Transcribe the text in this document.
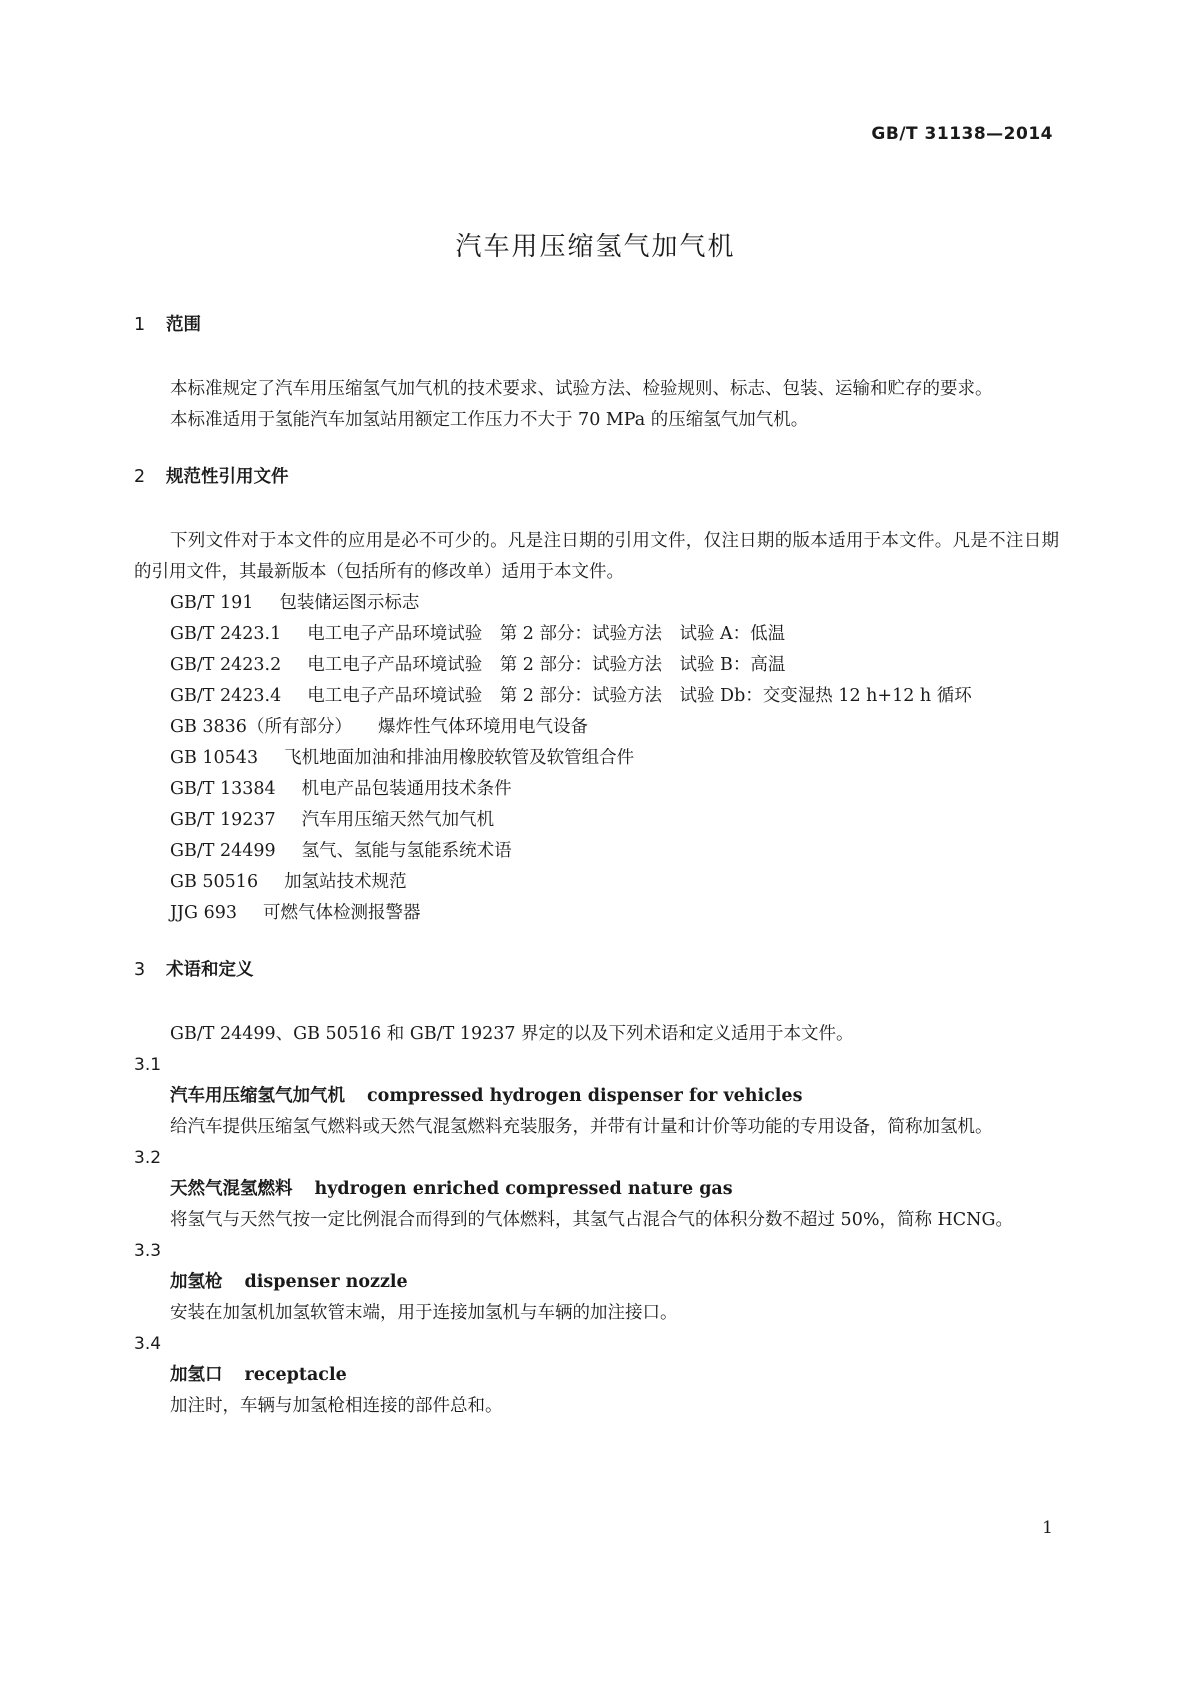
GB/T 31138—2014
汽车用压缩氢气加气机

1 范围

本标准规定了汽车用压缩氢气加气机的技术要求、试验方法、检验规则、标志、包装、运输和贮存的要求。

本标准适用于氢能汽车加氢站用额定工作压力不大于 70 MPa 的压缩氢气加气机。

2 规范性引用文件

下列文件对于本文件的应用是必不可少的。凡是注日期的引用文件，仅注日期的版本适用于本文件。凡是不注日期的引用文件，其最新版本（包括所有的修改单）适用于本文件。

GB/T 191 包装储运图示标志

GB/T 2423.1 电工电子产品环境试验　第 2 部分：试验方法　试验 A：低温

GB/T 2423.2 电工电子产品环境试验　第 2 部分：试验方法　试验 B：高温

GB/T 2423.4 电工电子产品环境试验　第 2 部分：试验方法　试验 Db：交变湿热 12 h+12 h 循环

GB 3836（所有部分） 爆炸性气体环境用电气设备

GB 10543 飞机地面加油和排油用橡胶软管及软管组合件

GB/T 13384 机电产品包装通用技术条件

GB/T 19237 汽车用压缩天然气加气机

GB/T 24499 氢气、氢能与氢能系统术语

GB 50516 加氢站技术规范

JJG 693 可燃气体检测报警器

3 术语和定义

GB/T 24499、GB 50516 和 GB/T 19237 界定的以及下列术语和定义适用于本文件。

3.1

汽车用压缩氢气加气机 compressed hydrogen dispenser for vehicles

给汽车提供压缩氢气燃料或天然气混氢燃料充装服务，并带有计量和计价等功能的专用设备，简称加氢机。

3.2

天然气混氢燃料 hydrogen enriched compressed nature gas

将氢气与天然气按一定比例混合而得到的气体燃料，其氢气占混合气的体积分数不超过 50%，简称 HCNG。

3.3

加氢枪 dispenser nozzle

安装在加氢机加氢软管末端，用于连接加氢机与车辆的加注接口。

3.4

加氢口 receptacle

加注时，车辆与加氢枪相连接的部件总和。

1
